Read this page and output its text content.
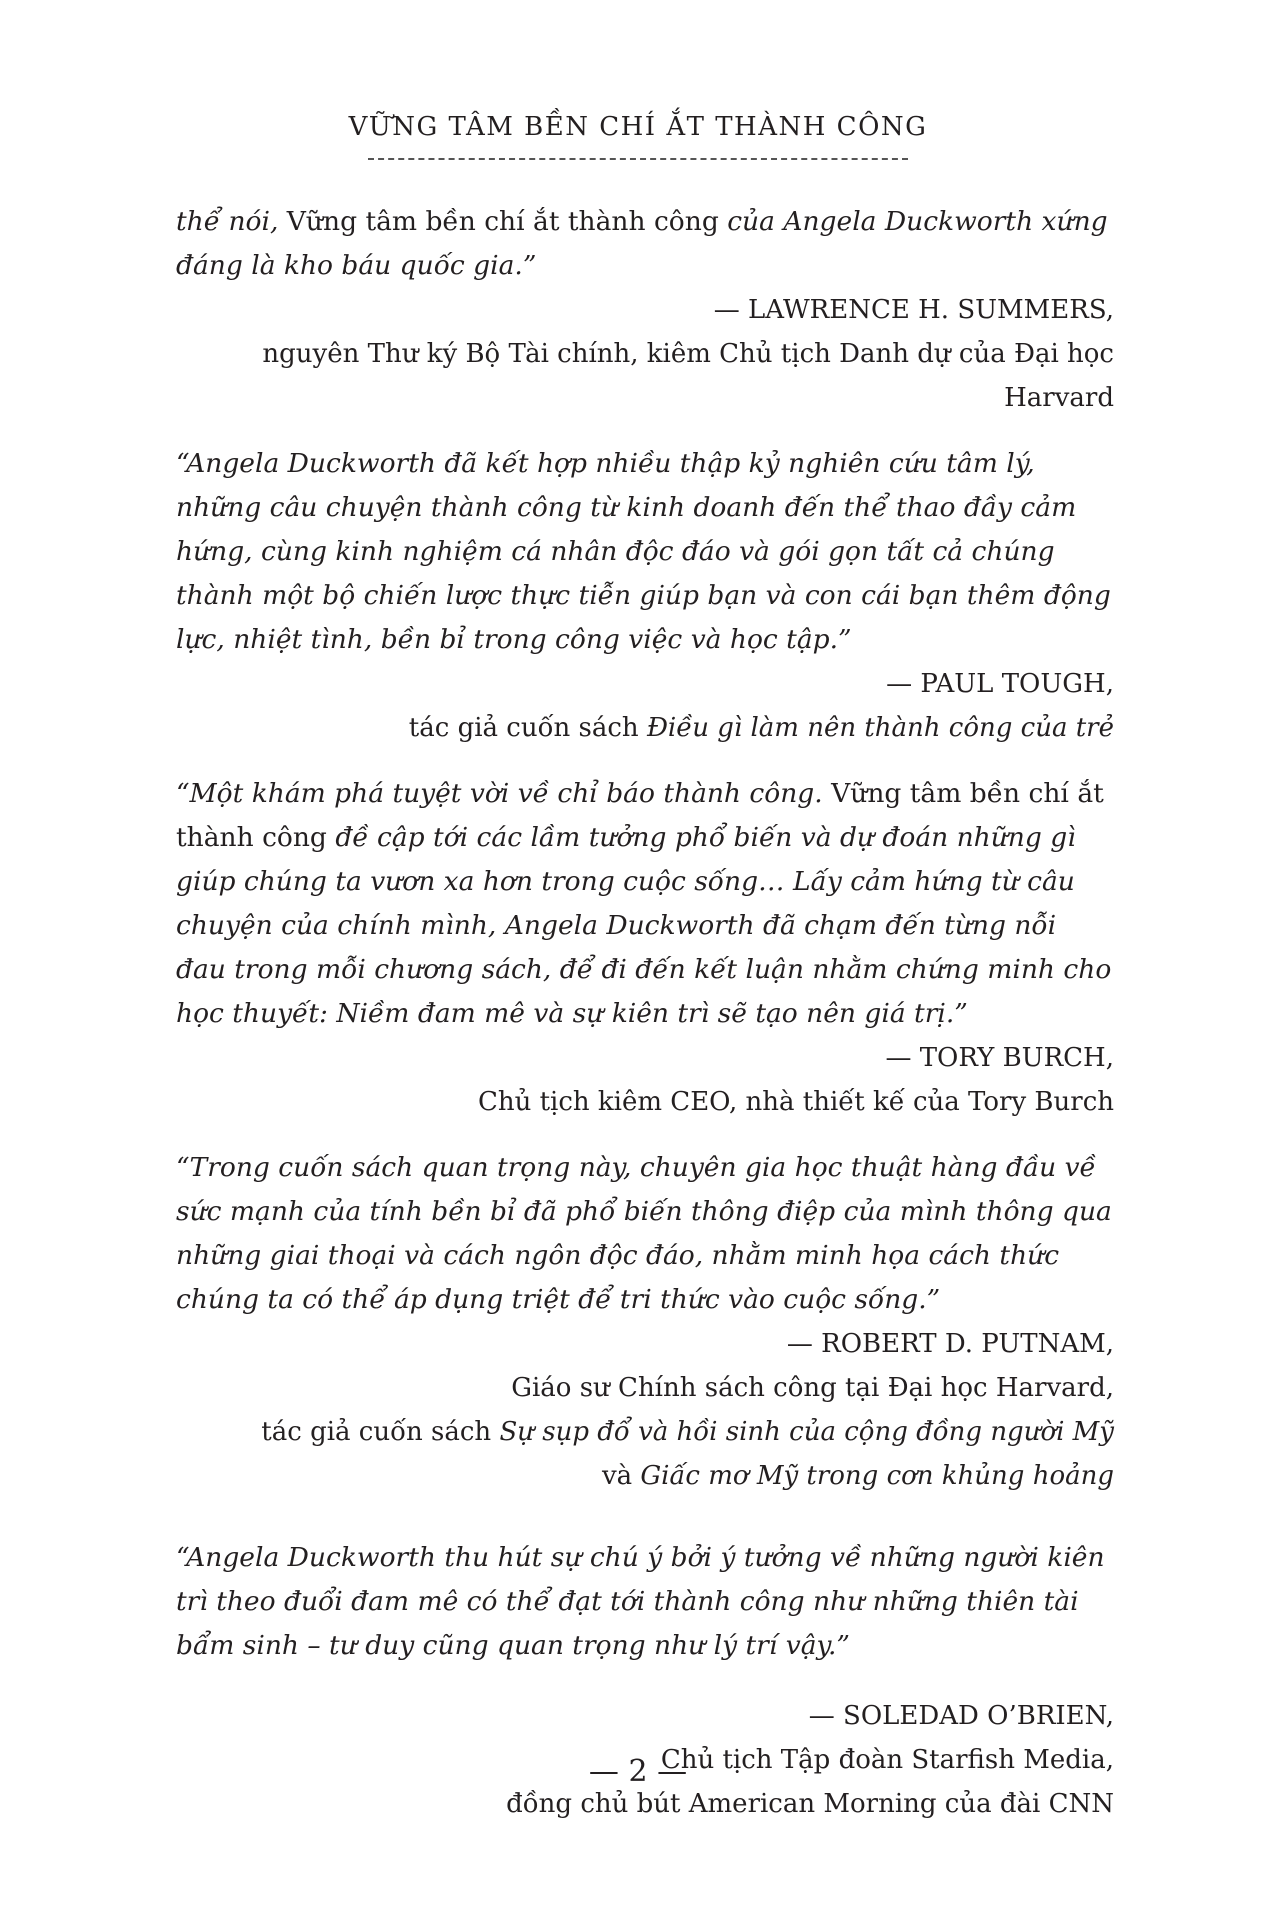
VỮNG TÂM BỀN CHÍ ẮT THÀNH CÔNG

thể nói, Vững tâm bền chí ắt thành công của Angela Duckworth xứng đáng là kho báu quốc gia.”

— LAWRENCE H. SUMMERS,

nguyên Thư ký Bộ Tài chính, kiêm Chủ tịch Danh dự của Đại học Harvard

“Angela Duckworth đã kết hợp nhiều thập kỷ nghiên cứu tâm lý, những câu chuyện thành công từ kinh doanh đến thể thao đầy cảm hứng, cùng kinh nghiệm cá nhân độc đáo và gói gọn tất cả chúng thành một bộ chiến lược thực tiễn giúp bạn và con cái bạn thêm động lực, nhiệt tình, bền bỉ trong công việc và học tập.”

— PAUL TOUGH,

tác giả cuốn sách Điều gì làm nên thành công của trẻ

“Một khám phá tuyệt vời về chỉ báo thành công. Vững tâm bền chí ắt thành công đề cập tới các lầm tưởng phổ biến và dự đoán những gì giúp chúng ta vươn xa hơn trong cuộc sống… Lấy cảm hứng từ câu chuyện của chính mình, Angela Duckworth đã chạm đến từng nỗi đau trong mỗi chương sách, để đi đến kết luận nhằm chứng minh cho học thuyết: Niềm đam mê và sự kiên trì sẽ tạo nên giá trị.”

— TORY BURCH,

Chủ tịch kiêm CEO, nhà thiết kế của Tory Burch

“Trong cuốn sách quan trọng này, chuyên gia học thuật hàng đầu về sức mạnh của tính bền bỉ đã phổ biến thông điệp của mình thông qua những giai thoại và cách ngôn độc đáo, nhằm minh họa cách thức chúng ta có thể áp dụng triệt để tri thức vào cuộc sống.”

— ROBERT D. PUTNAM,

Giáo sư Chính sách công tại Đại học Harvard,

tác giả cuốn sách Sự sụp đổ và hồi sinh của cộng đồng người Mỹ

và Giấc mơ Mỹ trong cơn khủng hoảng

“Angela Duckworth thu hút sự chú ý bởi ý tưởng về những người kiên trì theo đuổi đam mê có thể đạt tới thành công như những thiên tài bẩm sinh – tư duy cũng quan trọng như lý trí vậy.”

— SOLEDAD O’BRIEN,

Chủ tịch Tập đoàn Starfish Media,

đồng chủ bút American Morning của đài CNN

— 2 —
